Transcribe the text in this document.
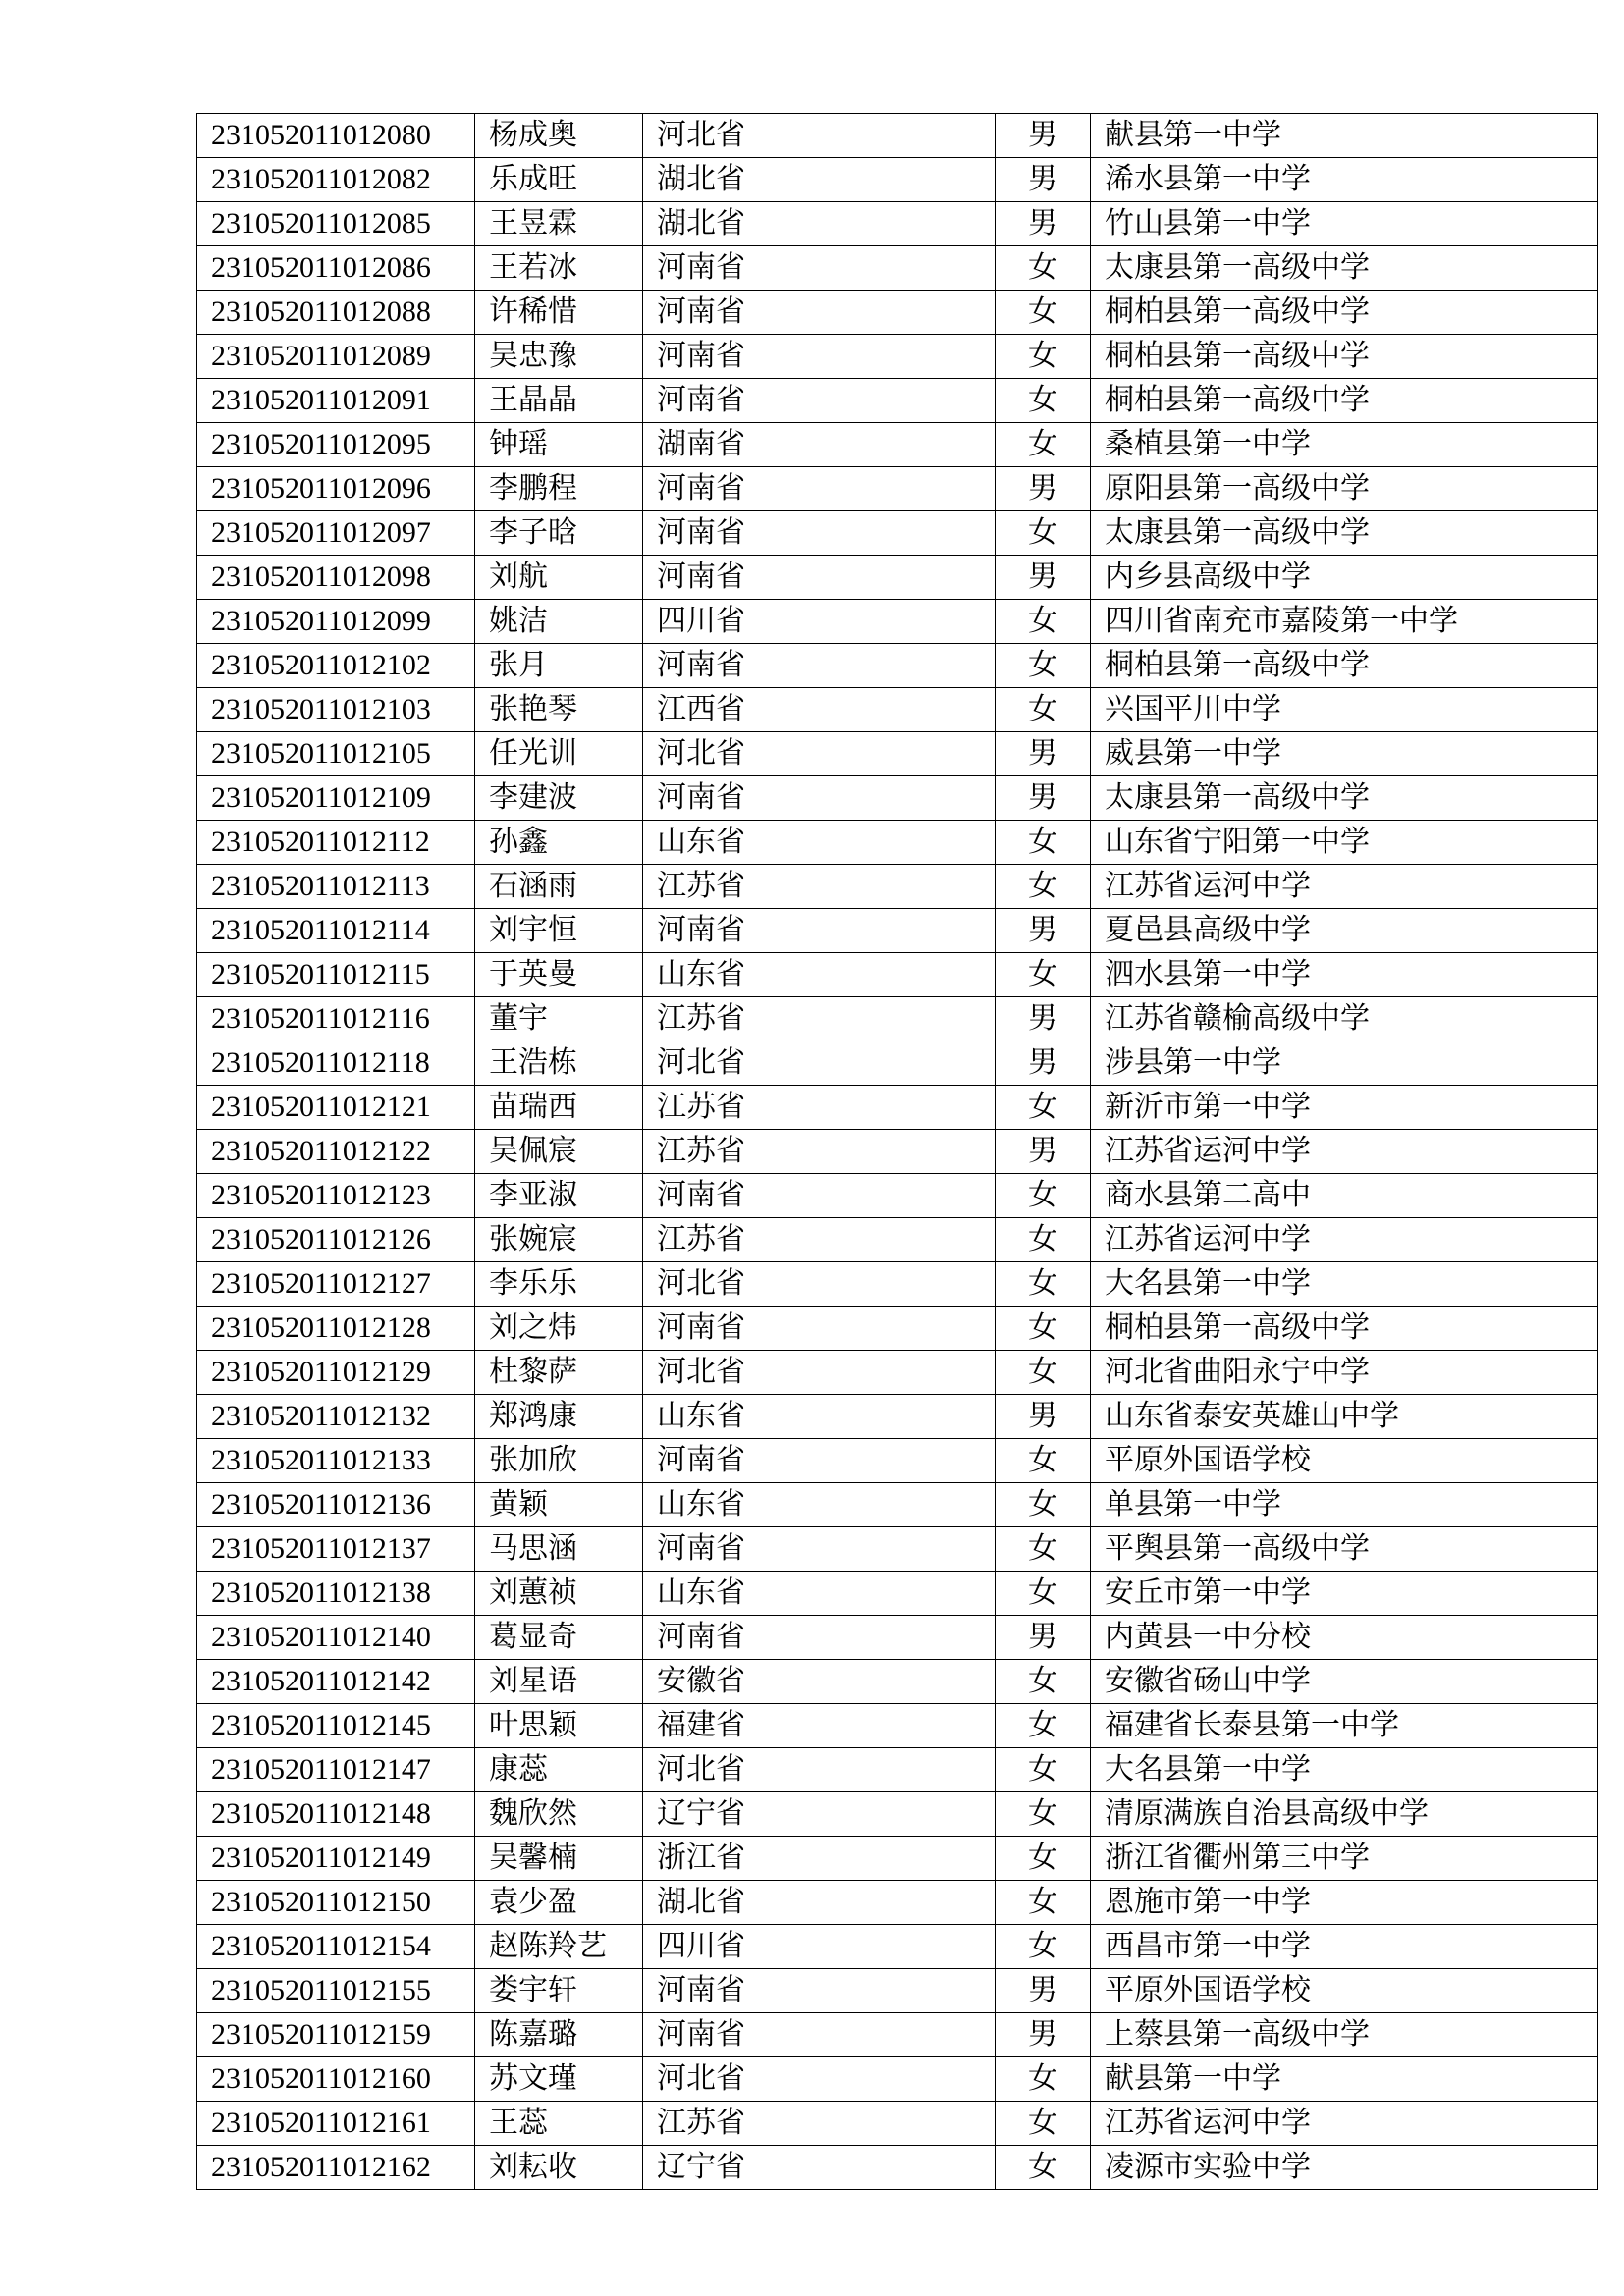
231052011012080	杨成奥	河北省	男	献县第一中学
231052011012082	乐成旺	湖北省	男	浠水县第一中学
231052011012085	王昱霖	湖北省	男	竹山县第一中学
231052011012086	王若冰	河南省	女	太康县第一高级中学
231052011012088	许稀惜	河南省	女	桐柏县第一高级中学
231052011012089	吴忠豫	河南省	女	桐柏县第一高级中学
231052011012091	王晶晶	河南省	女	桐柏县第一高级中学
231052011012095	钟瑶	湖南省	女	桑植县第一中学
231052011012096	李鹏程	河南省	男	原阳县第一高级中学
231052011012097	李子晗	河南省	女	太康县第一高级中学
231052011012098	刘航	河南省	男	内乡县高级中学
231052011012099	姚洁	四川省	女	四川省南充市嘉陵第一中学
231052011012102	张月	河南省	女	桐柏县第一高级中学
231052011012103	张艳琴	江西省	女	兴国平川中学
231052011012105	任光训	河北省	男	威县第一中学
231052011012109	李建波	河南省	男	太康县第一高级中学
231052011012112	孙鑫	山东省	女	山东省宁阳第一中学
231052011012113	石涵雨	江苏省	女	江苏省运河中学
231052011012114	刘宇恒	河南省	男	夏邑县高级中学
231052011012115	于英曼	山东省	女	泗水县第一中学
231052011012116	董宇	江苏省	男	江苏省赣榆高级中学
231052011012118	王浩栋	河北省	男	涉县第一中学
231052011012121	苗瑞西	江苏省	女	新沂市第一中学
231052011012122	吴佩宸	江苏省	男	江苏省运河中学
231052011012123	李亚淑	河南省	女	商水县第二高中
231052011012126	张婉宸	江苏省	女	江苏省运河中学
231052011012127	李乐乐	河北省	女	大名县第一中学
231052011012128	刘之炜	河南省	女	桐柏县第一高级中学
231052011012129	杜黎萨	河北省	女	河北省曲阳永宁中学
231052011012132	郑鸿康	山东省	男	山东省泰安英雄山中学
231052011012133	张加欣	河南省	女	平原外国语学校
231052011012136	黄颖	山东省	女	单县第一中学
231052011012137	马思涵	河南省	女	平舆县第一高级中学
231052011012138	刘蕙祯	山东省	女	安丘市第一中学
231052011012140	葛显奇	河南省	男	内黄县一中分校
231052011012142	刘星语	安徽省	女	安徽省砀山中学
231052011012145	叶思颖	福建省	女	福建省长泰县第一中学
231052011012147	康蕊	河北省	女	大名县第一中学
231052011012148	魏欣然	辽宁省	女	清原满族自治县高级中学
231052011012149	吴馨楠	浙江省	女	浙江省衢州第三中学
231052011012150	袁少盈	湖北省	女	恩施市第一中学
231052011012154	赵陈羚艺	四川省	女	西昌市第一中学
231052011012155	娄宇轩	河南省	男	平原外国语学校
231052011012159	陈嘉璐	河南省	男	上蔡县第一高级中学
231052011012160	苏文瑾	河北省	女	献县第一中学
231052011012161	王蕊	江苏省	女	江苏省运河中学
231052011012162	刘耘收	辽宁省	女	凌源市实验中学
